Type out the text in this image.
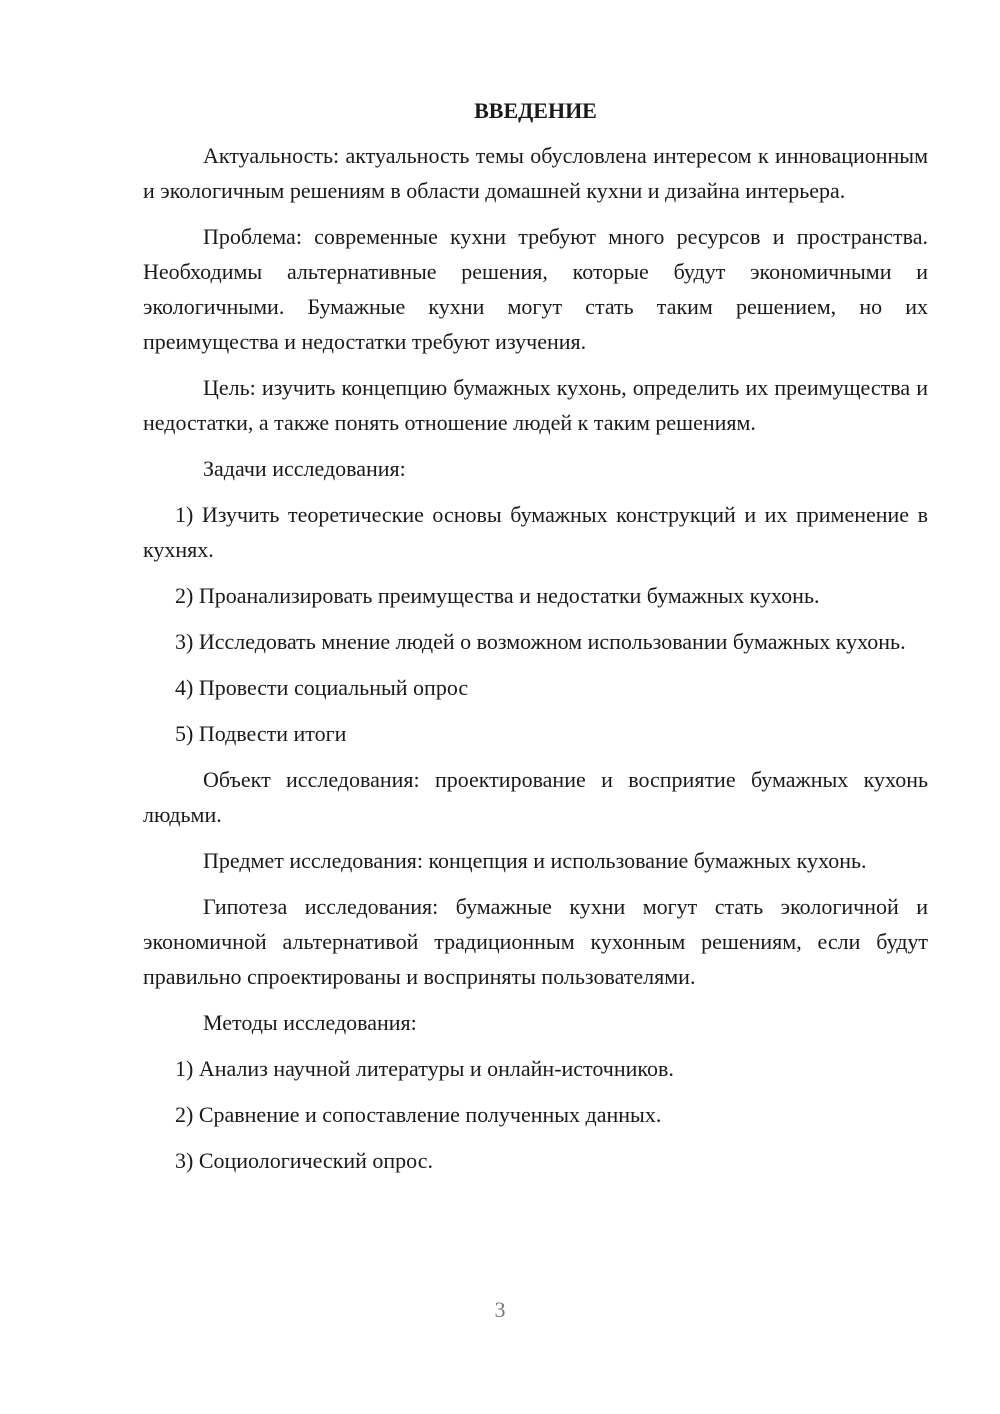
ВВЕДЕНИЕ
Актуальность: актуальность темы обусловлена интересом к инновационным и экологичным решениям в области домашней кухни и дизайна интерьера.
Проблема: современные кухни требуют много ресурсов и пространства. Необходимы альтернативные решения, которые будут экономичными и экологичными. Бумажные кухни могут стать таким решением, но их преимущества и недостатки требуют изучения.
Цель: изучить концепцию бумажных кухонь, определить их преимущества и недостатки, а также понять отношение людей к таким решениям.
Задачи исследования:
1) Изучить теоретические основы бумажных конструкций и их применение в кухнях.
2) Проанализировать преимущества и недостатки бумажных кухонь.
3) Исследовать мнение людей о возможном использовании бумажных кухонь.
4) Провести социальный опрос
5) Подвести итоги
Объект исследования: проектирование и восприятие бумажных кухонь людьми.
Предмет исследования: концепция и использование бумажных кухонь.
Гипотеза исследования: бумажные кухни могут стать экологичной и экономичной альтернативой традиционным кухонным решениям, если будут правильно спроектированы и восприняты пользователями.
Методы исследования:
1) Анализ научной литературы и онлайн-источников.
2) Сравнение и сопоставление полученных данных.
3) Социологический опрос.
3
